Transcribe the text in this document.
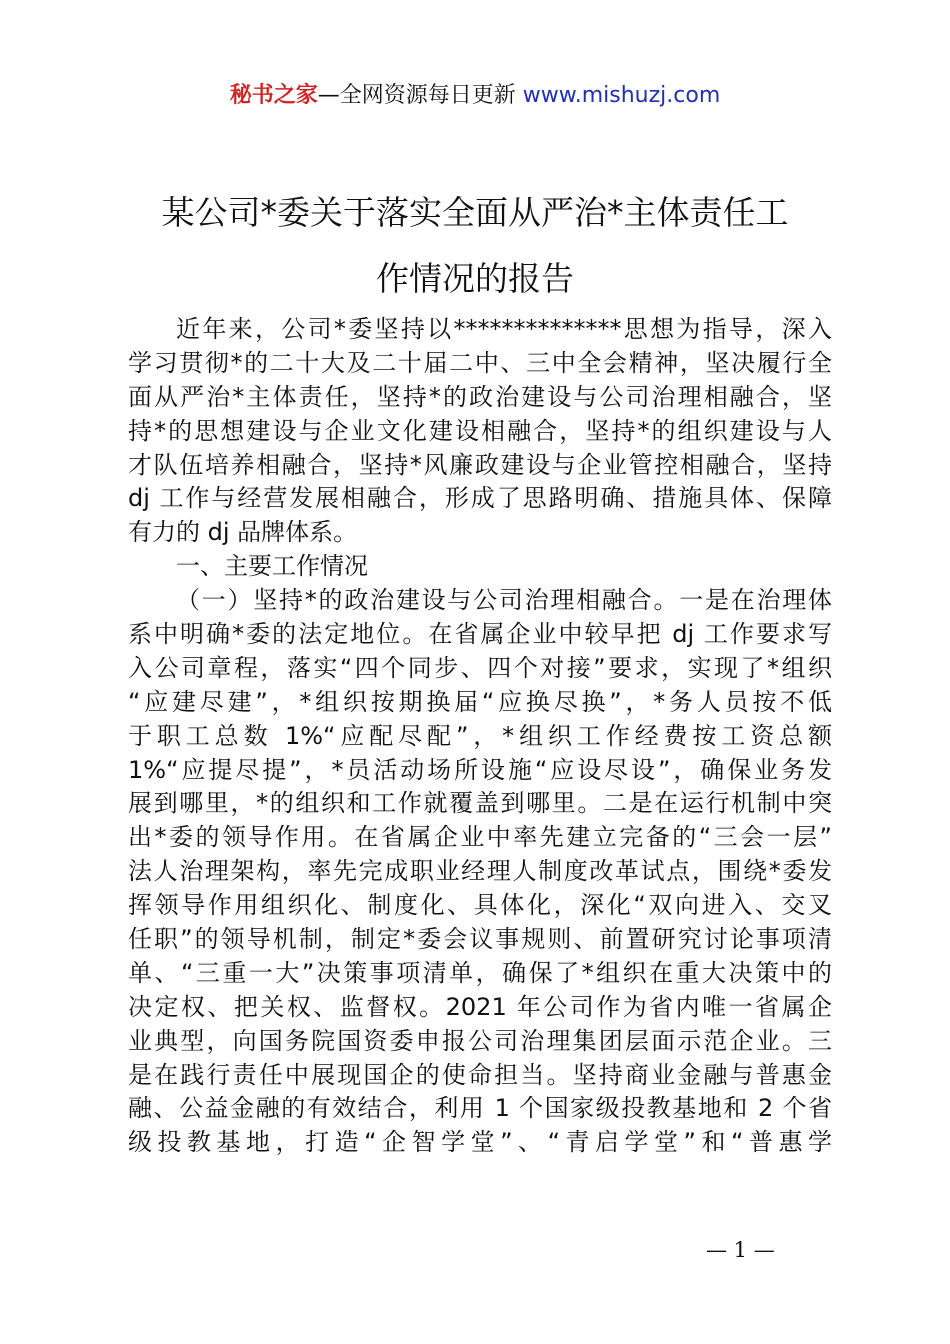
秘书之家—全网资源每日更新 www.mishuzj.com
某公司*委关于落实全面从严治*主体责任工
作情况的报告
近年来，公司*委坚持以**************思想为指导，深入
学习贯彻*的二十大及二十届二中、三中全会精神，坚决履行全
面从严治*主体责任，坚持*的政治建设与公司治理相融合，坚
持*的思想建设与企业文化建设相融合，坚持*的组织建设与人
才队伍培养相融合，坚持*风廉政建设与企业管控相融合，坚持
dj 工作与经营发展相融合，形成了思路明确、措施具体、保障
有力的 dj 品牌体系。
一、主要工作情况
（一）坚持*的政治建设与公司治理相融合。一是在治理体
系中明确*委的法定地位。在省属企业中较早把 dj 工作要求写
入公司章程，落实“四个同步、四个对接”要求，实现了*组织
“应建尽建”，*组织按期换届“应换尽换”，*务人员按不低
于职工总数 1%“应配尽配”，*组织工作经费按工资总额
1%“应提尽提”，*员活动场所设施“应设尽设”，确保业务发
展到哪里，*的组织和工作就覆盖到哪里。二是在运行机制中突
出*委的领导作用。在省属企业中率先建立完备的“三会一层”
法人治理架构，率先完成职业经理人制度改革试点，围绕*委发
挥领导作用组织化、制度化、具体化，深化“双向进入、交叉
任职”的领导机制，制定*委会议事规则、前置研究讨论事项清
单、“三重一大”决策事项清单，确保了*组织在重大决策中的
决定权、把关权、监督权。2021 年公司作为省内唯一省属企
业典型，向国务院国资委申报公司治理集团层面示范企业。三
是在践行责任中展现国企的使命担当。坚持商业金融与普惠金
融、公益金融的有效结合，利用 1 个国家级投教基地和 2 个省
级投教基地，打造“企智学堂”、“青启学堂”和“普惠学
— 1 —
